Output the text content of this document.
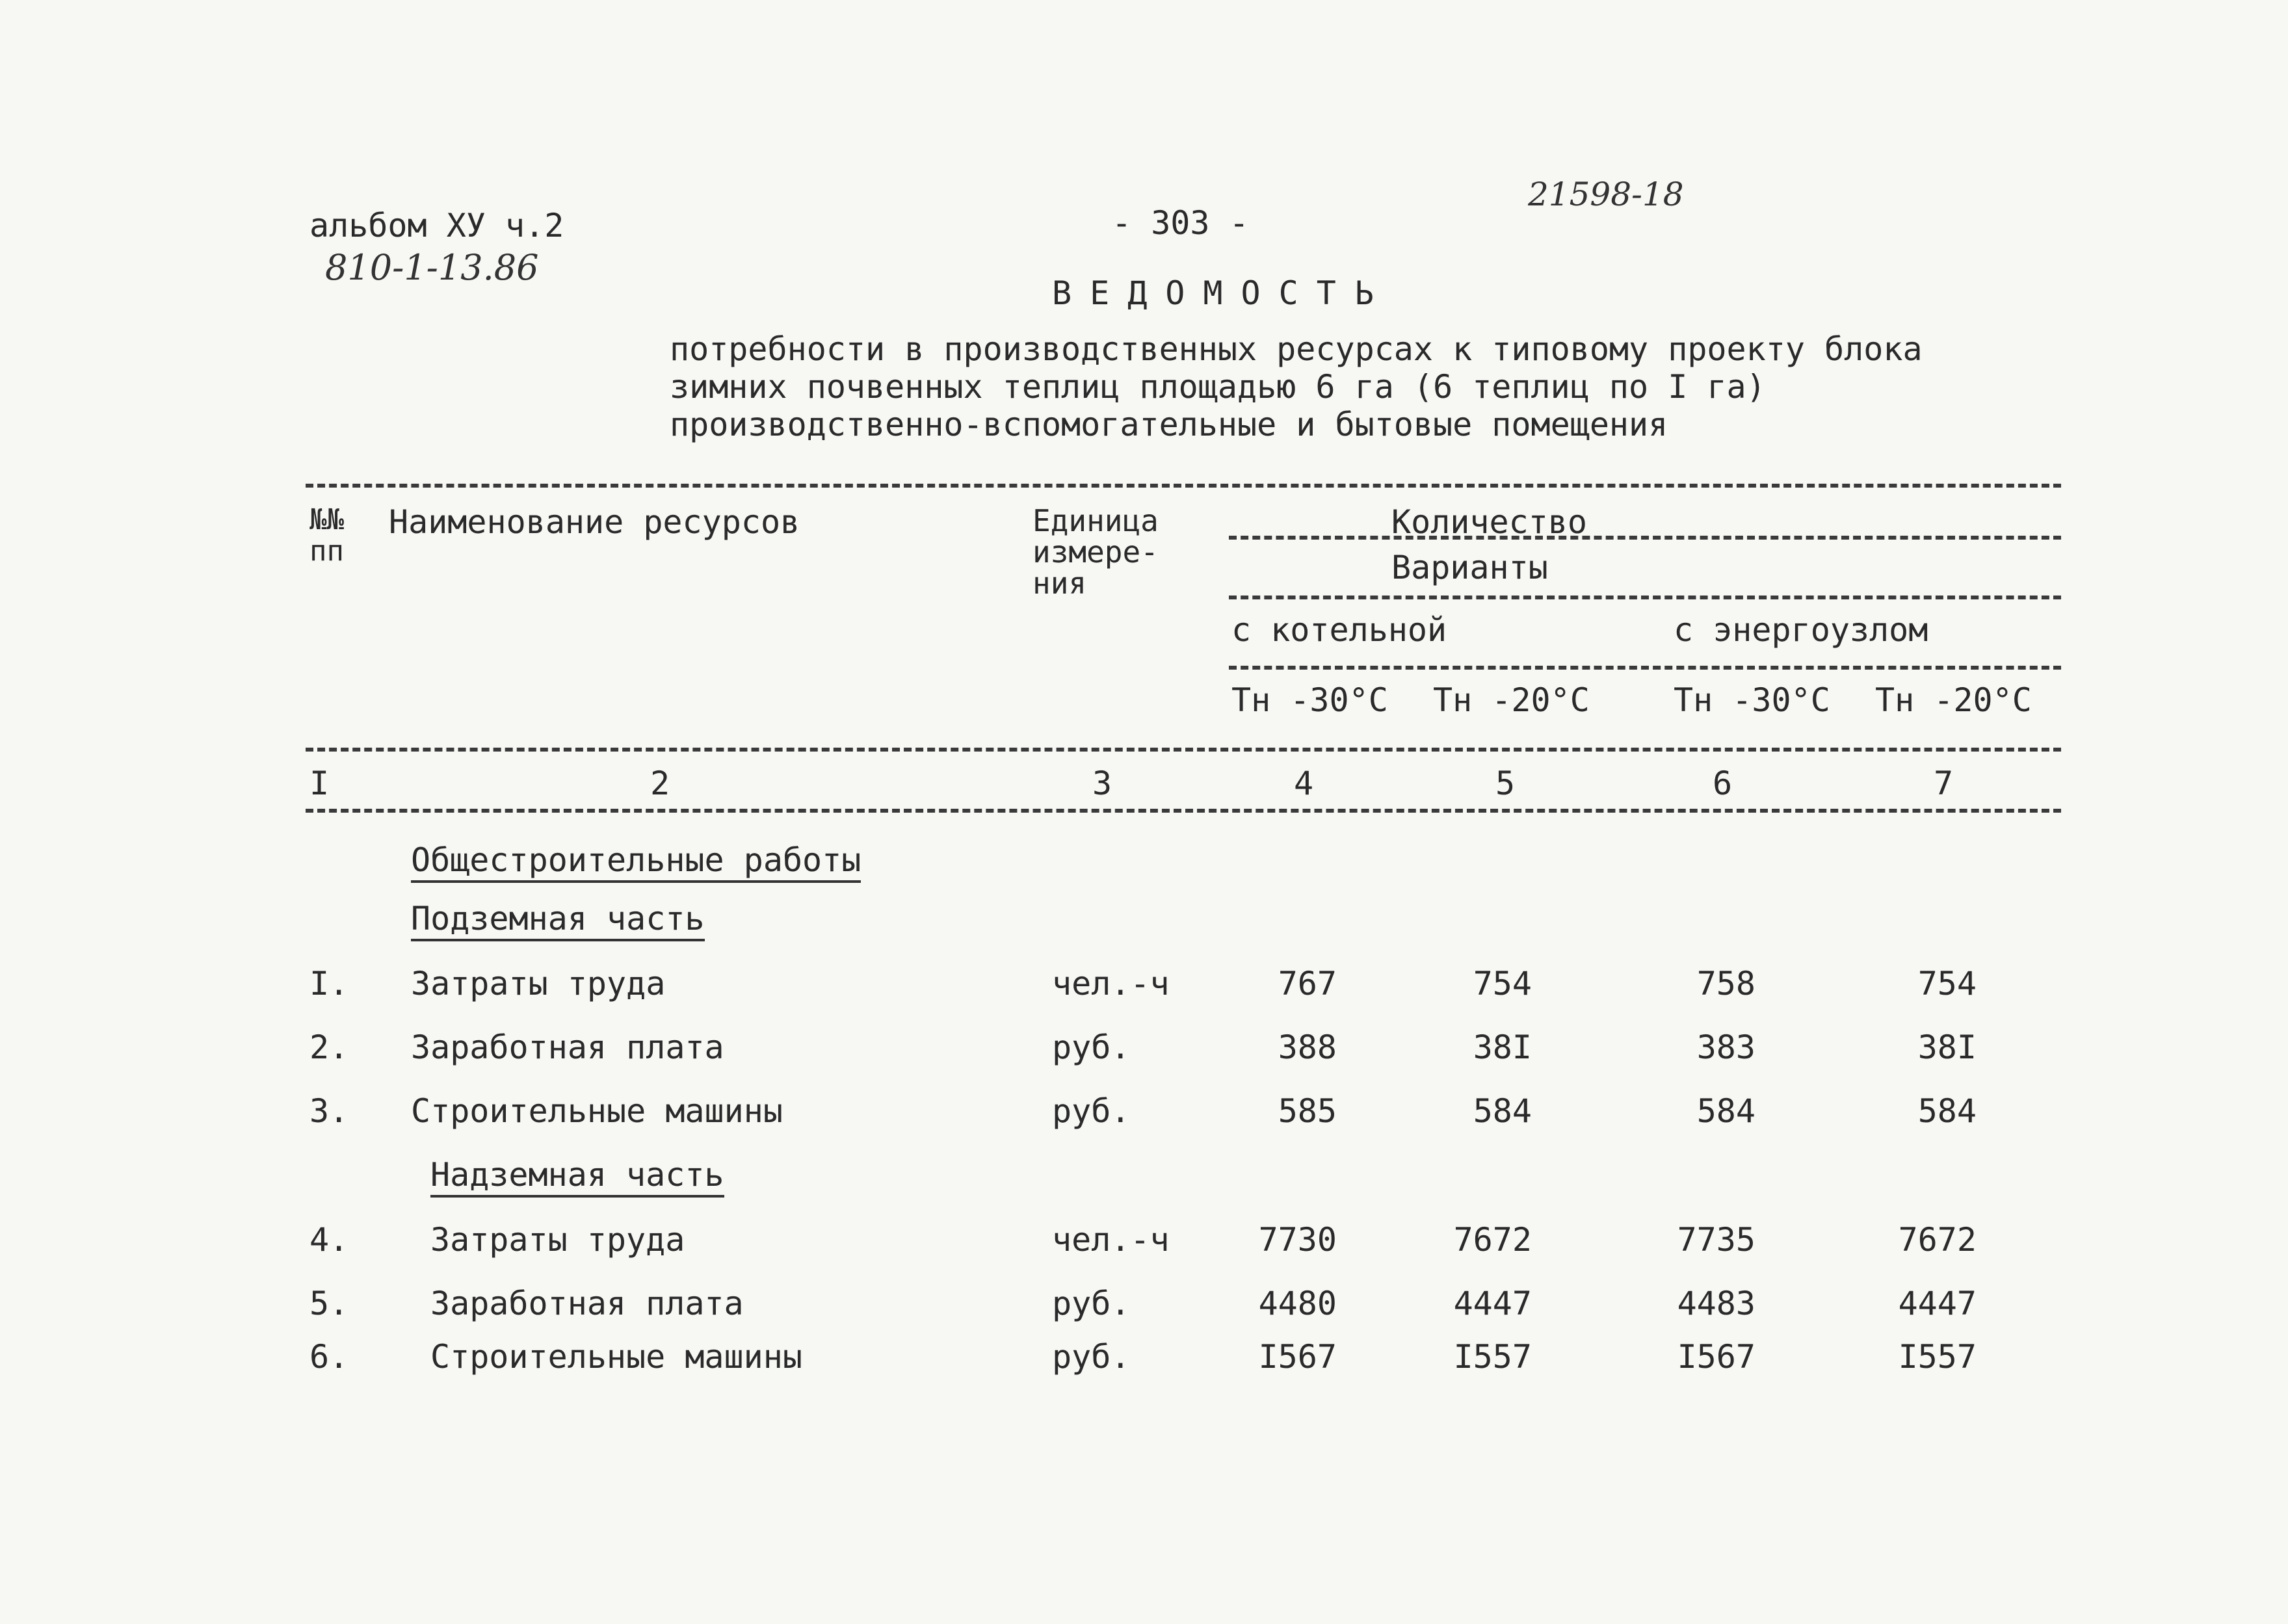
альбом ХУ ч.2
810-1-13.86
- 303 -
21598-18
ВЕДОМОСТЬ
потребности в производственных ресурсах к типовому проекту блока
зимних почвенных теплиц площадью 6 га (6 теплиц по I га)
производственно-вспомогательные и бытовые помещения
№№
пп
Наименование ресурсов	Единица
измере-
ния
Количество
Варианты
с котельной	с энергоузлом
Тн -30°С Тн -20°С	Тн -30°С Тн -20°С
I	2	3	4	5	6	7
Общестроительные работы
Подземная часть
I. Затраты труда	чел.-ч	767	754	758	754
2. Заработная плата	руб.	388	38I	383	38I
3. Строительные машины	руб.	585	584	584	584
Надземная часть
4.	Затраты труда	чел.-ч	7730	7672	7735	7672
5.	Заработная плата	руб.	4480	4447	4483	4447
6.	Строительные машины	руб.	I567	I557	I567	I557
